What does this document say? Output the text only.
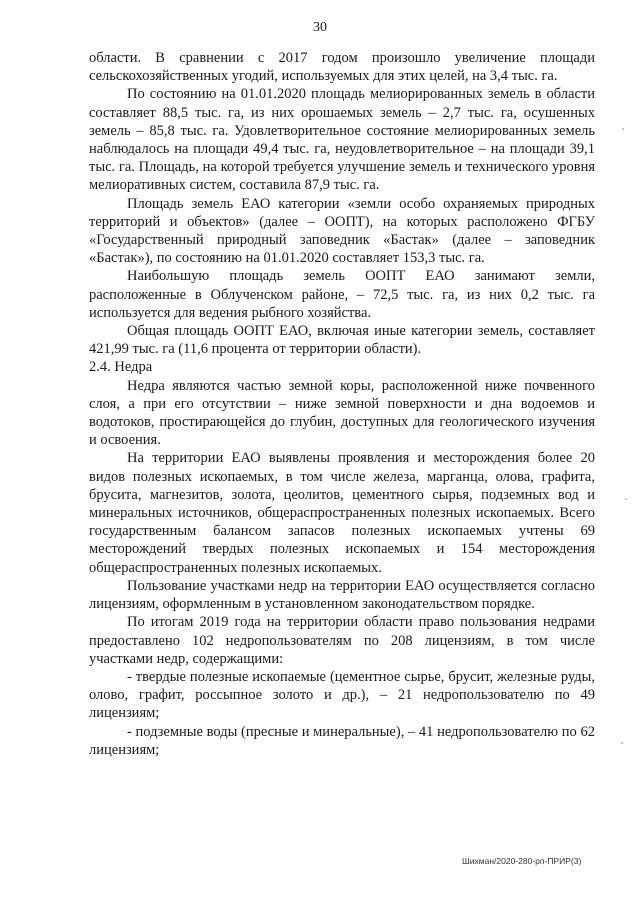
30

области. В сравнении с 2017 годом произошло увеличение площади сельскохозяйственных угодий, используемых для этих целей, на 3,4 тыс. га.

По состоянию на 01.01.2020 площадь мелиорированных земель в области составляет 88,5 тыс. га, из них орошаемых земель – 2,7 тыс. га, осушенных земель – 85,8 тыс. га. Удовлетворительное состояние мелиорированных земель наблюдалось на площади 49,4 тыс. га, неудовлетворительное – на площади 39,1 тыс. га. Площадь, на которой требуется улучшение земель и технического уровня мелиоративных систем, составила 87,9 тыс. га.

Площадь земель ЕАО категории «земли особо охраняемых природных территорий и объектов» (далее – ООПТ), на которых расположено ФГБУ «Государственный природный заповедник «Бастак» (далее – заповедник «Бастак»), по состоянию на 01.01.2020 составляет 153,3 тыс. га.

Наибольшую площадь земель ООПТ ЕАО занимают земли, расположенные в Облученском районе, – 72,5 тыс. га, из них 0,2 тыс. га используется для ведения рыбного хозяйства.

Общая площадь ООПТ ЕАО, включая иные категории земель, составляет 421,99 тыс. га (11,6 процента от территории области).

2.4. Недра

Недра являются частью земной коры, расположенной ниже почвенного слоя, а при его отсутствии – ниже земной поверхности и дна водоемов и водотоков, простирающейся до глубин, доступных для геологического изучения и освоения.

На территории ЕАО выявлены проявления и месторождения более 20 видов полезных ископаемых, в том числе железа, марганца, олова, графита, брусита, магнезитов, золота, цеолитов, цементного сырья, подземных вод и минеральных источников, общераспространенных полезных ископаемых. Всего государственным балансом запасов полезных ископаемых учтены 69 месторождений твердых полезных ископаемых и 154 месторождения общераспространенных полезных ископаемых.

Пользование участками недр на территории ЕАО осуществляется согласно лицензиям, оформленным в установленном законодательством порядке.

По итогам 2019 года на территории области право пользования недрами предоставлено 102 недропользователям по 208 лицензиям, в том числе участками недр, содержащими:

- твердые полезные ископаемые (цементное сырье, брусит, железные руды, олово, графит, россыпное золото и др.), – 21 недропользователю по 49 лицензиям;

- подземные воды (пресные и минеральные), – 41 недропользователю по 62 лицензиям;

Шихман/2020-280-рп-ПРИР(3)
